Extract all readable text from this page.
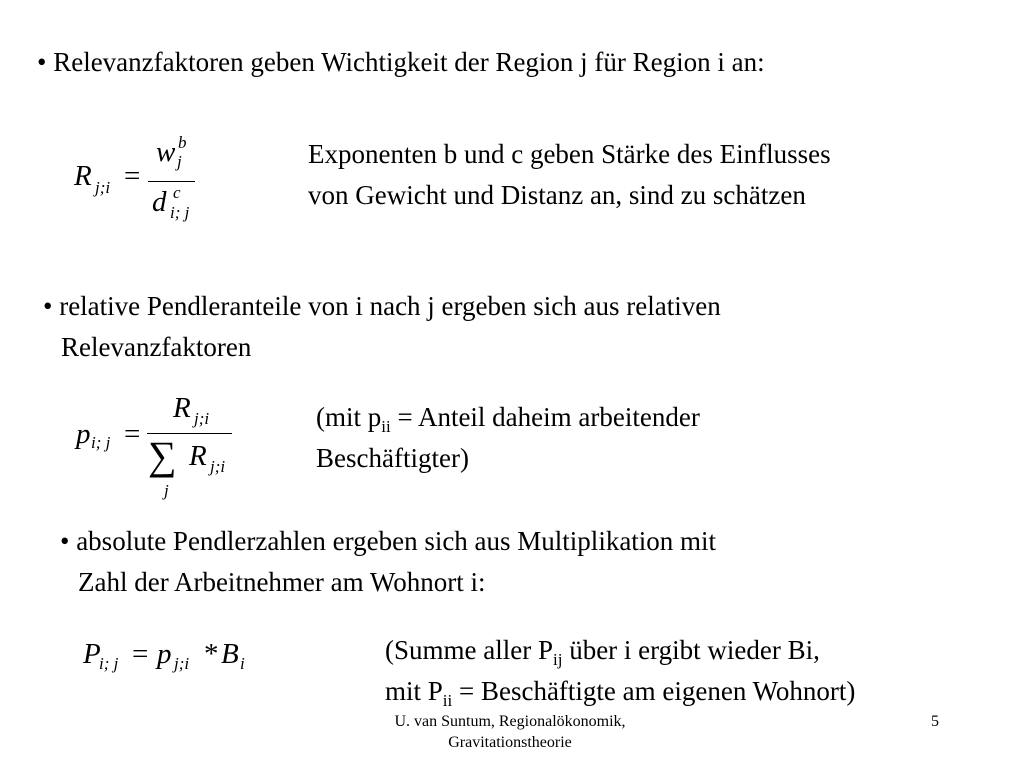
• Relevanzfaktoren geben Wichtigkeit der Region j für Region i an:
R j;i =
w j
b
d i; j
c
Exponenten b und c geben Stärke des Einflusses
von Gewicht und Distanz an, sind zu schätzen
• relative Pendleranteile von i nach j ergeben sich aus relativen
Relevanzfaktoren
p i; j =
R j;i
∑
j
R j;i
(mit $p_{ii}$ = Anteil daheim arbeitender
Beschäftigter)
• absolute Pendlerzahlen ergeben sich aus Multiplikation mit
Zahl der Arbeitnehmer am Wohnort i:
P
i; j = p j;i * B i	(Summe aller $P_{ij}$ über i ergibt wieder Bi,
mit $P_{ii}$ = Beschäftigte am eigenen Wohnort)
U. van Suntum, Regionalökonomik,
Gravitationstheorie
5
